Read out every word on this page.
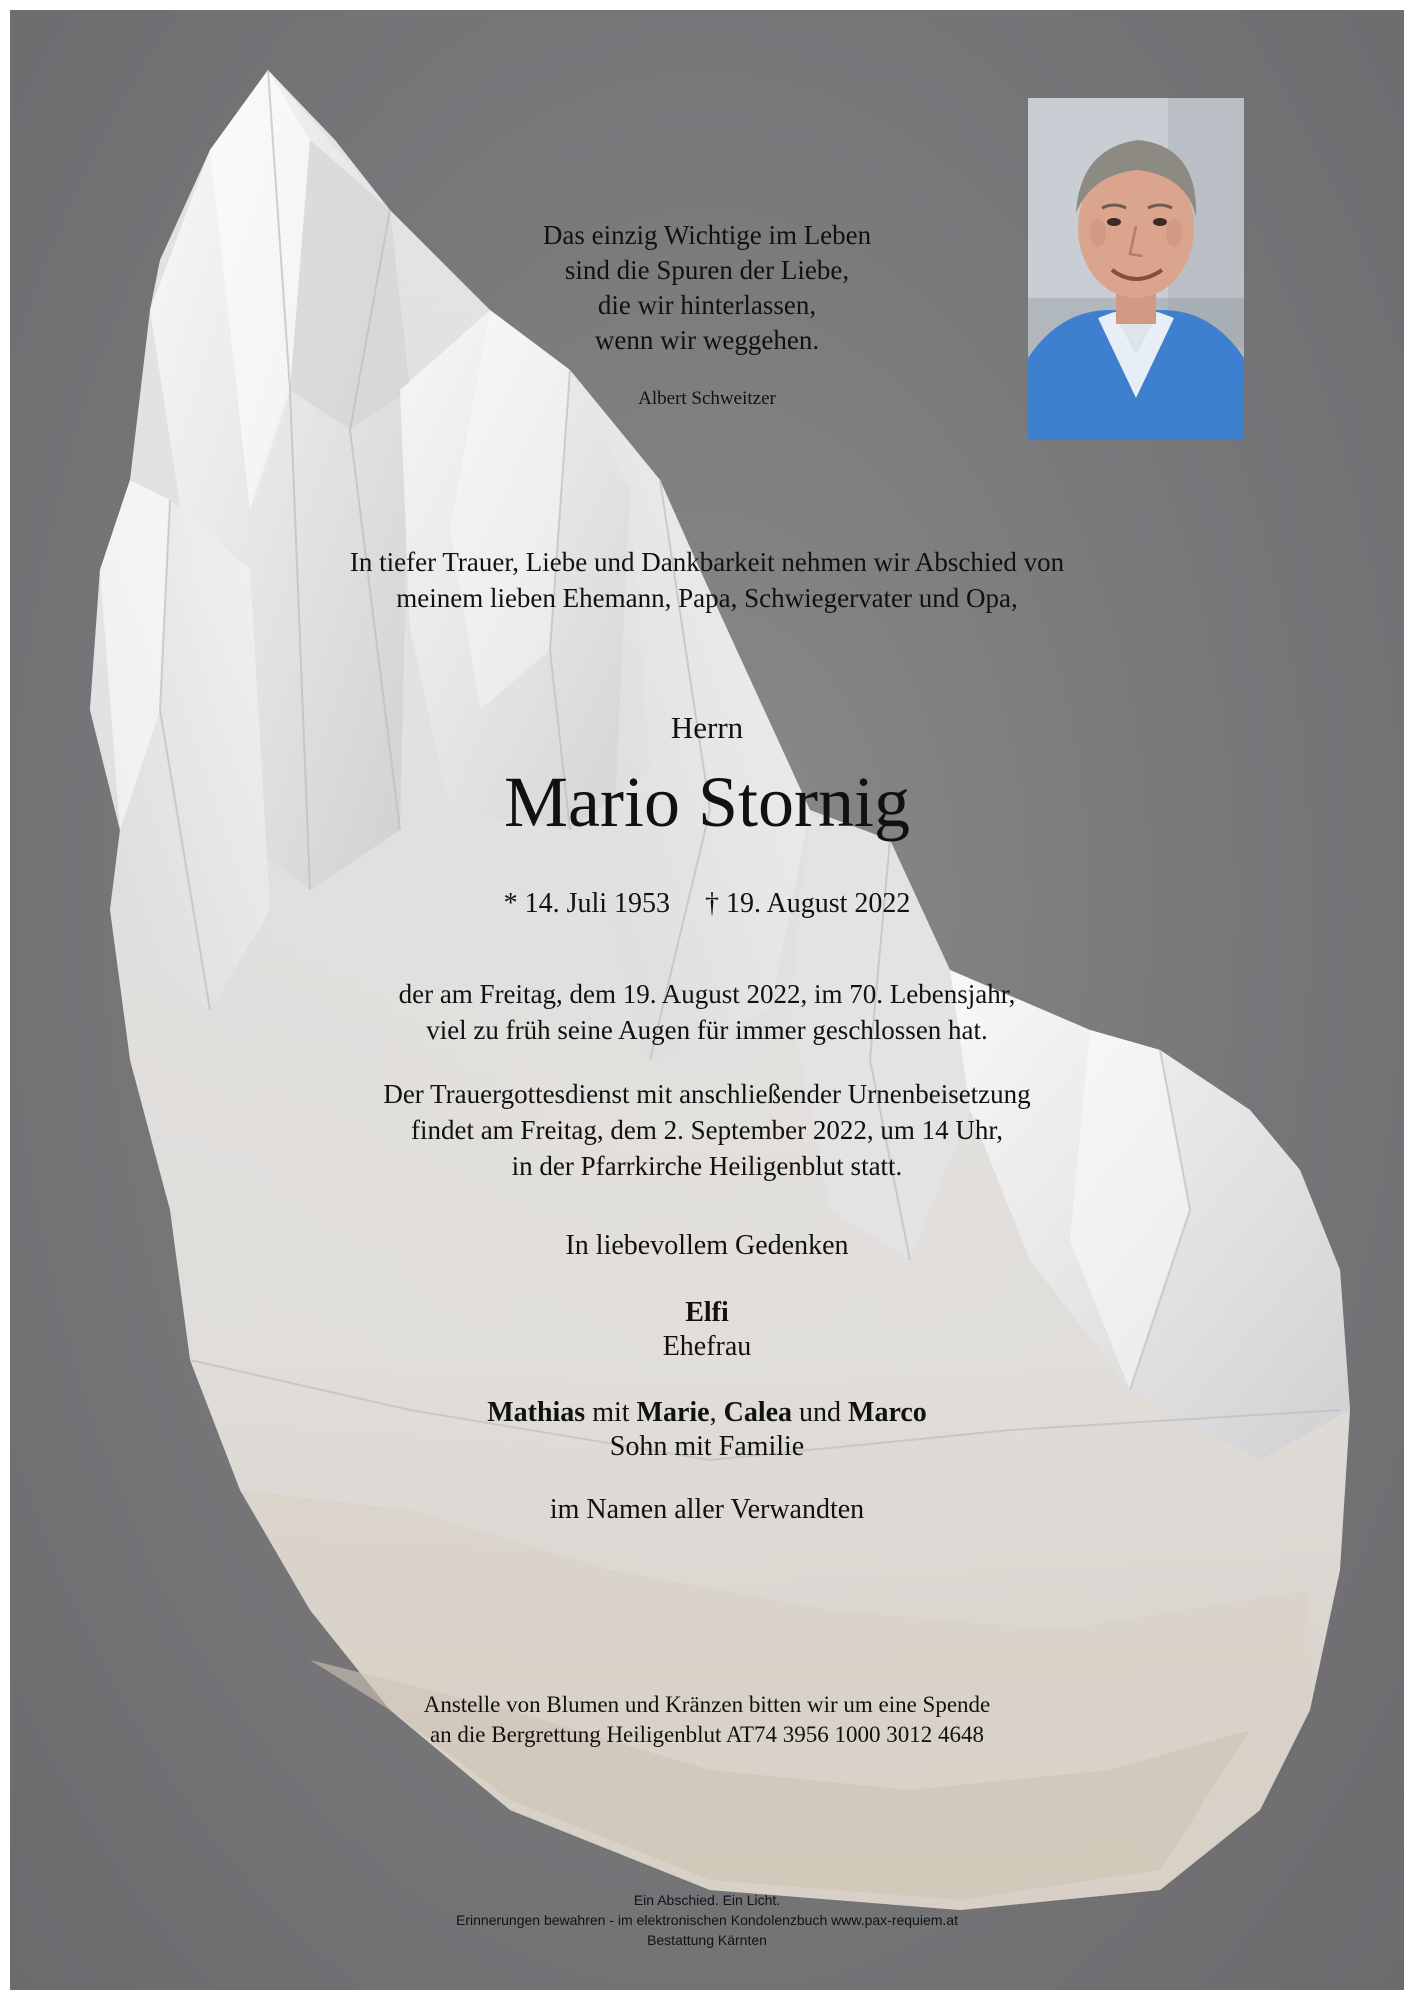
Das einzig Wichtige im Leben
sind die Spuren der Liebe,
die wir hinterlassen,
wenn wir weggehen.
Albert Schweitzer
In tiefer Trauer, Liebe und Dankbarkeit nehmen wir Abschied von
meinem lieben Ehemann, Papa, Schwiegervater und Opa,
Herrn
Mario Stornig
* 14. Juli 1953 † 19. August 2022
der am Freitag, dem 19. August 2022, im 70. Lebensjahr,
viel zu früh seine Augen für immer geschlossen hat.
Der Trauergottesdienst mit anschließender Urnenbeisetzung
findet am Freitag, dem 2. September 2022, um 14 Uhr,
in der Pfarrkirche Heiligenblut statt.
In liebevollem Gedenken
Elfi
Ehefrau
Mathias mit Marie, Calea und Marco
Sohn mit Familie
im Namen aller Verwandten
Anstelle von Blumen und Kränzen bitten wir um eine Spende
an die Bergrettung Heiligenblut AT74 3956 1000 3012 4648
Ein Abschied. Ein Licht.
Erinnerungen bewahren - im elektronischen Kondolenzbuch www.pax-requiem.at
Bestattung Kärnten
